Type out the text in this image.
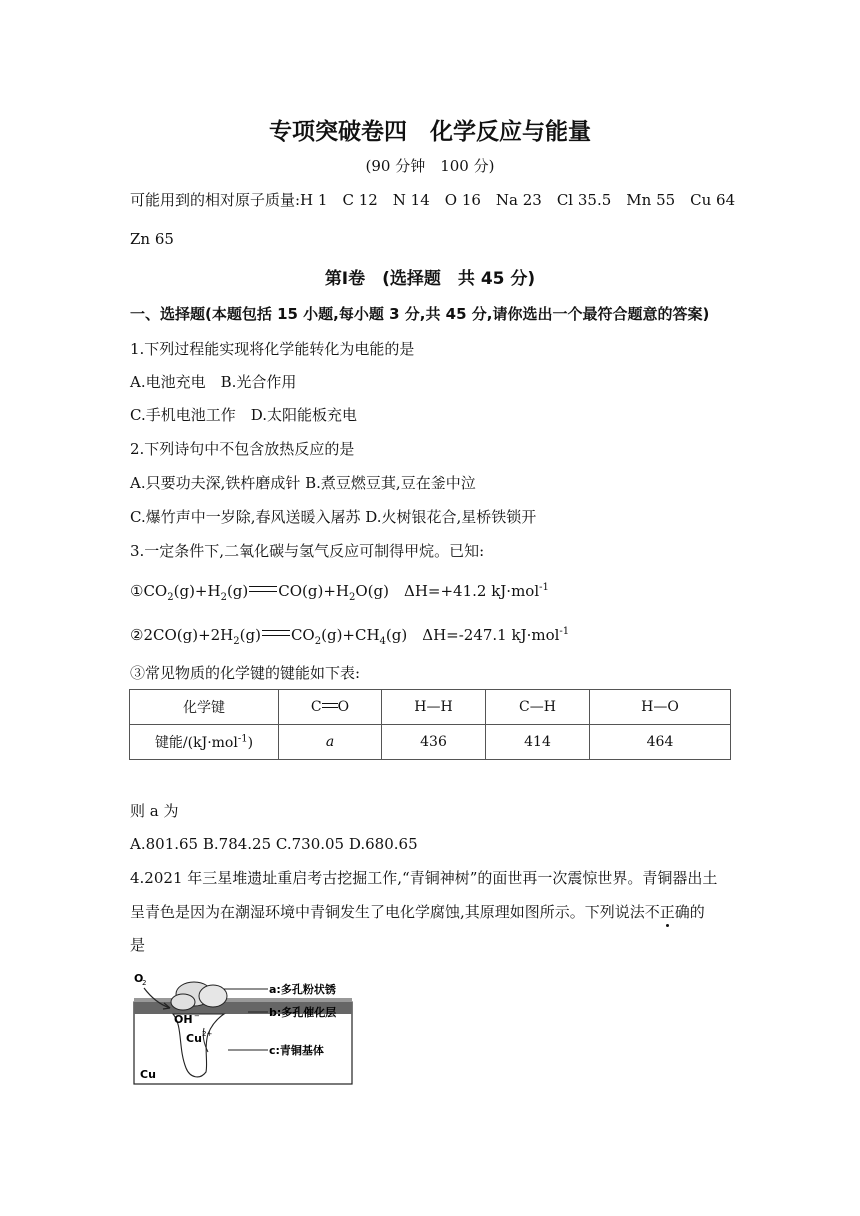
专项突破卷四　化学反应与能量
(90 分钟　100 分)
可能用到的相对原子质量:H 1　C 12　N 14　O 16　Na 23　Cl 35.5　Mn 55　Cu 64
Zn 65
第Ⅰ卷　(选择题　共 45 分)
一、选择题(本题包括 15 小题,每小题 3 分,共 45 分,请你选出一个最符合题意的答案)
1.下列过程能实现将化学能转化为电能的是
A.电池充电　B.光合作用
C.手机电池工作　D.太阳能板充电
2.下列诗句中不包含放热反应的是
A.只要功夫深,铁杵磨成针 B.煮豆燃豆萁,豆在釜中泣
C.爆竹声中一岁除,春风送暖入屠苏 D.火树银花合,星桥铁锁开
3.一定条件下,二氧化碳与氢气反应可制得甲烷。已知:
$①CO_2(g)+H_2(g)$ $CO(g)+H_2O(g)$　ΔH=+41.2 kJ·mol$^{-1}$
$②2CO(g)+2H_2(g)$ $CO_2(g)+CH_4(g)$　ΔH=-247.1 kJ·mol$^{-1}$
③常见物质的化学键的键能如下表:
化学键	C O	H—H	C—H	H—O
键能/(kJ·mol$^{-1}$)	a	436	414	464
则 a 为
A.801.65 B.784.25 C.730.05 D.680.65
4.2021 年三星堆遗址重启考古挖掘工作,“青铜神树”的面世再一次震惊世界。青铜器出土
呈青色是因为在潮湿环境中青铜发生了电化学腐蚀,其原理如图所示。下列说法不正确的
是
O
2
OH −
Cu 2+
Cu
a:多孔粉状锈
b:多孔催化层
c:青铜基体
